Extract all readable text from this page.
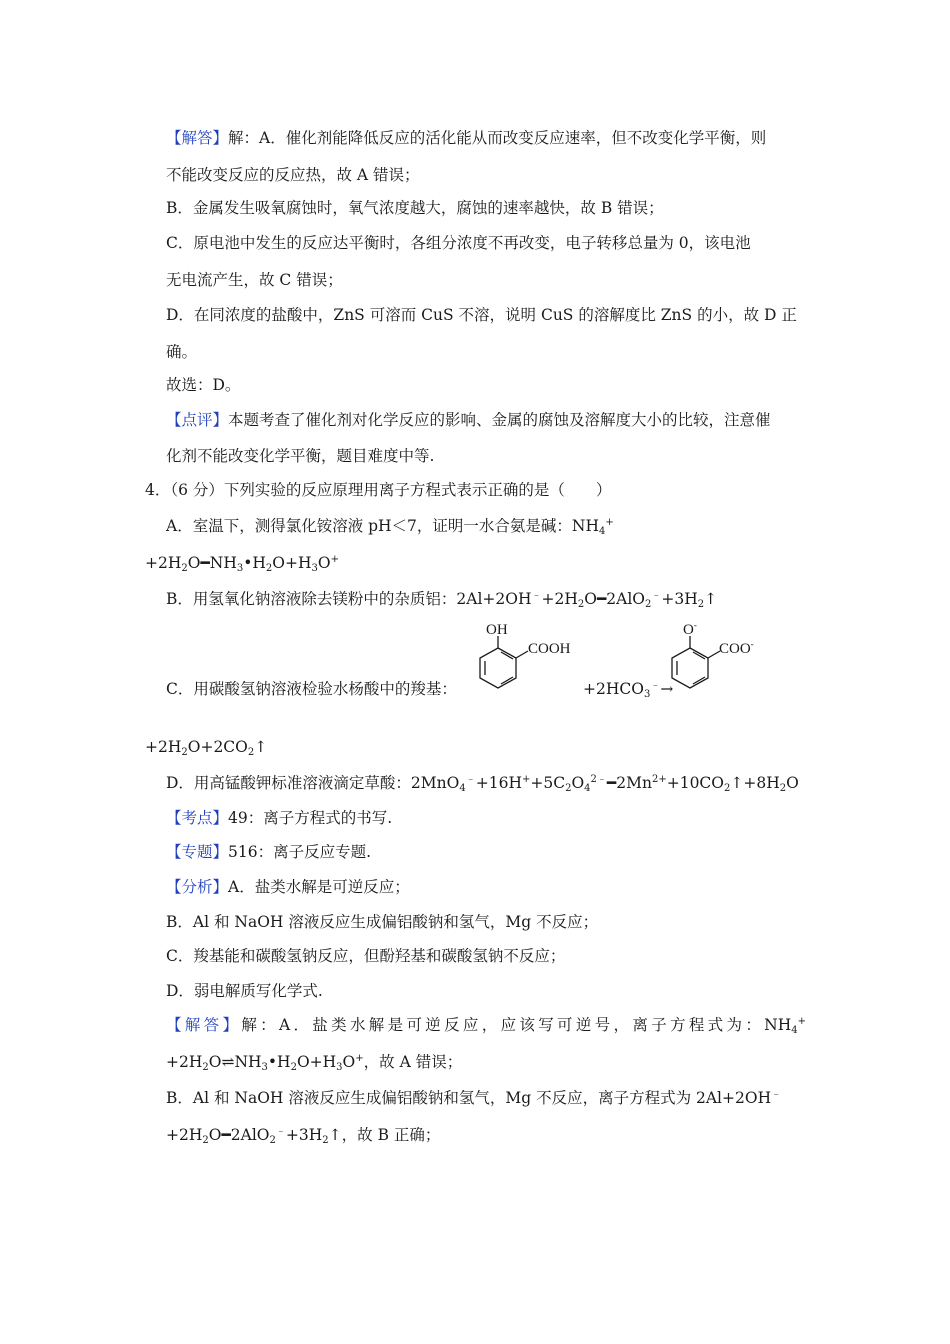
【解答】解：A．催化剂能降低反应的活化能从而改变反应速率，但不改变化学平衡，则
不能改变反应的反应热，故 A 错误；
B．金属发生吸氧腐蚀时，氧气浓度越大，腐蚀的速率越快，故 B 错误；
C．原电池中发生的反应达平衡时，各组分浓度不再改变，电子转移总量为 0，该电池
无电流产生，故 C 错误；
D．在同浓度的盐酸中，ZnS 可溶而 CuS 不溶，说明 CuS 的溶解度比 ZnS 的小，故 D 正
确。
故选：D。
【点评】本题考查了催化剂对化学反应的影响、金属的腐蚀及溶解度大小的比较，注意催
化剂不能改变化学平衡，题目难度中等.
4．（6 分）下列实验的反应原理用离子方程式表示正确的是（　　）
A．室温下，测得氯化铵溶液 pH＜7，证明一水合氨是碱：$NH_4^+$
$+2H_2O━NH_3•H_2O+H_3O^+$
B．用氢氧化钠溶液除去镁粉中的杂质铝：$2Al+2OH^﹣+2H_2O━2AlO_2^﹣+3H_2↑$
C．用碳酸氢钠溶液检验水杨酸中的羧基：
OH
COOH
$+2HCO_3^﹣\to$
O-
COO-
$+2H_2O+2CO_2↑$
D．用高锰酸钾标准溶液滴定草酸：$2MnO_4^﹣+16H^++5C_2O_4^{2﹣}━2Mn^{2+}+10CO_2↑+8H_2O$
【考点】49：离子方程式的书写.
【专题】516：离子反应专题.
【分析】A．盐类水解是可逆反应；
B．Al 和 NaOH 溶液反应生成偏铝酸钠和氢气，Mg 不反应；
C．羧基能和碳酸氢钠反应，但酚羟基和碳酸氢钠不反应；
D．弱电解质写化学式.
【解答】解：A．盐类水解是可逆反应，应该写可逆号，离子方程式为：$NH_4^+$
$+2H_2O\rightleftharpoons NH_3•H_2O+H_3O^+$，故 A 错误；
B．Al 和 NaOH 溶液反应生成偏铝酸钠和氢气，Mg 不反应，离子方程式为 2Al+2OH﹣
$+2H_2O━2AlO_2^﹣+3H_2↑$，故 B 正确；
